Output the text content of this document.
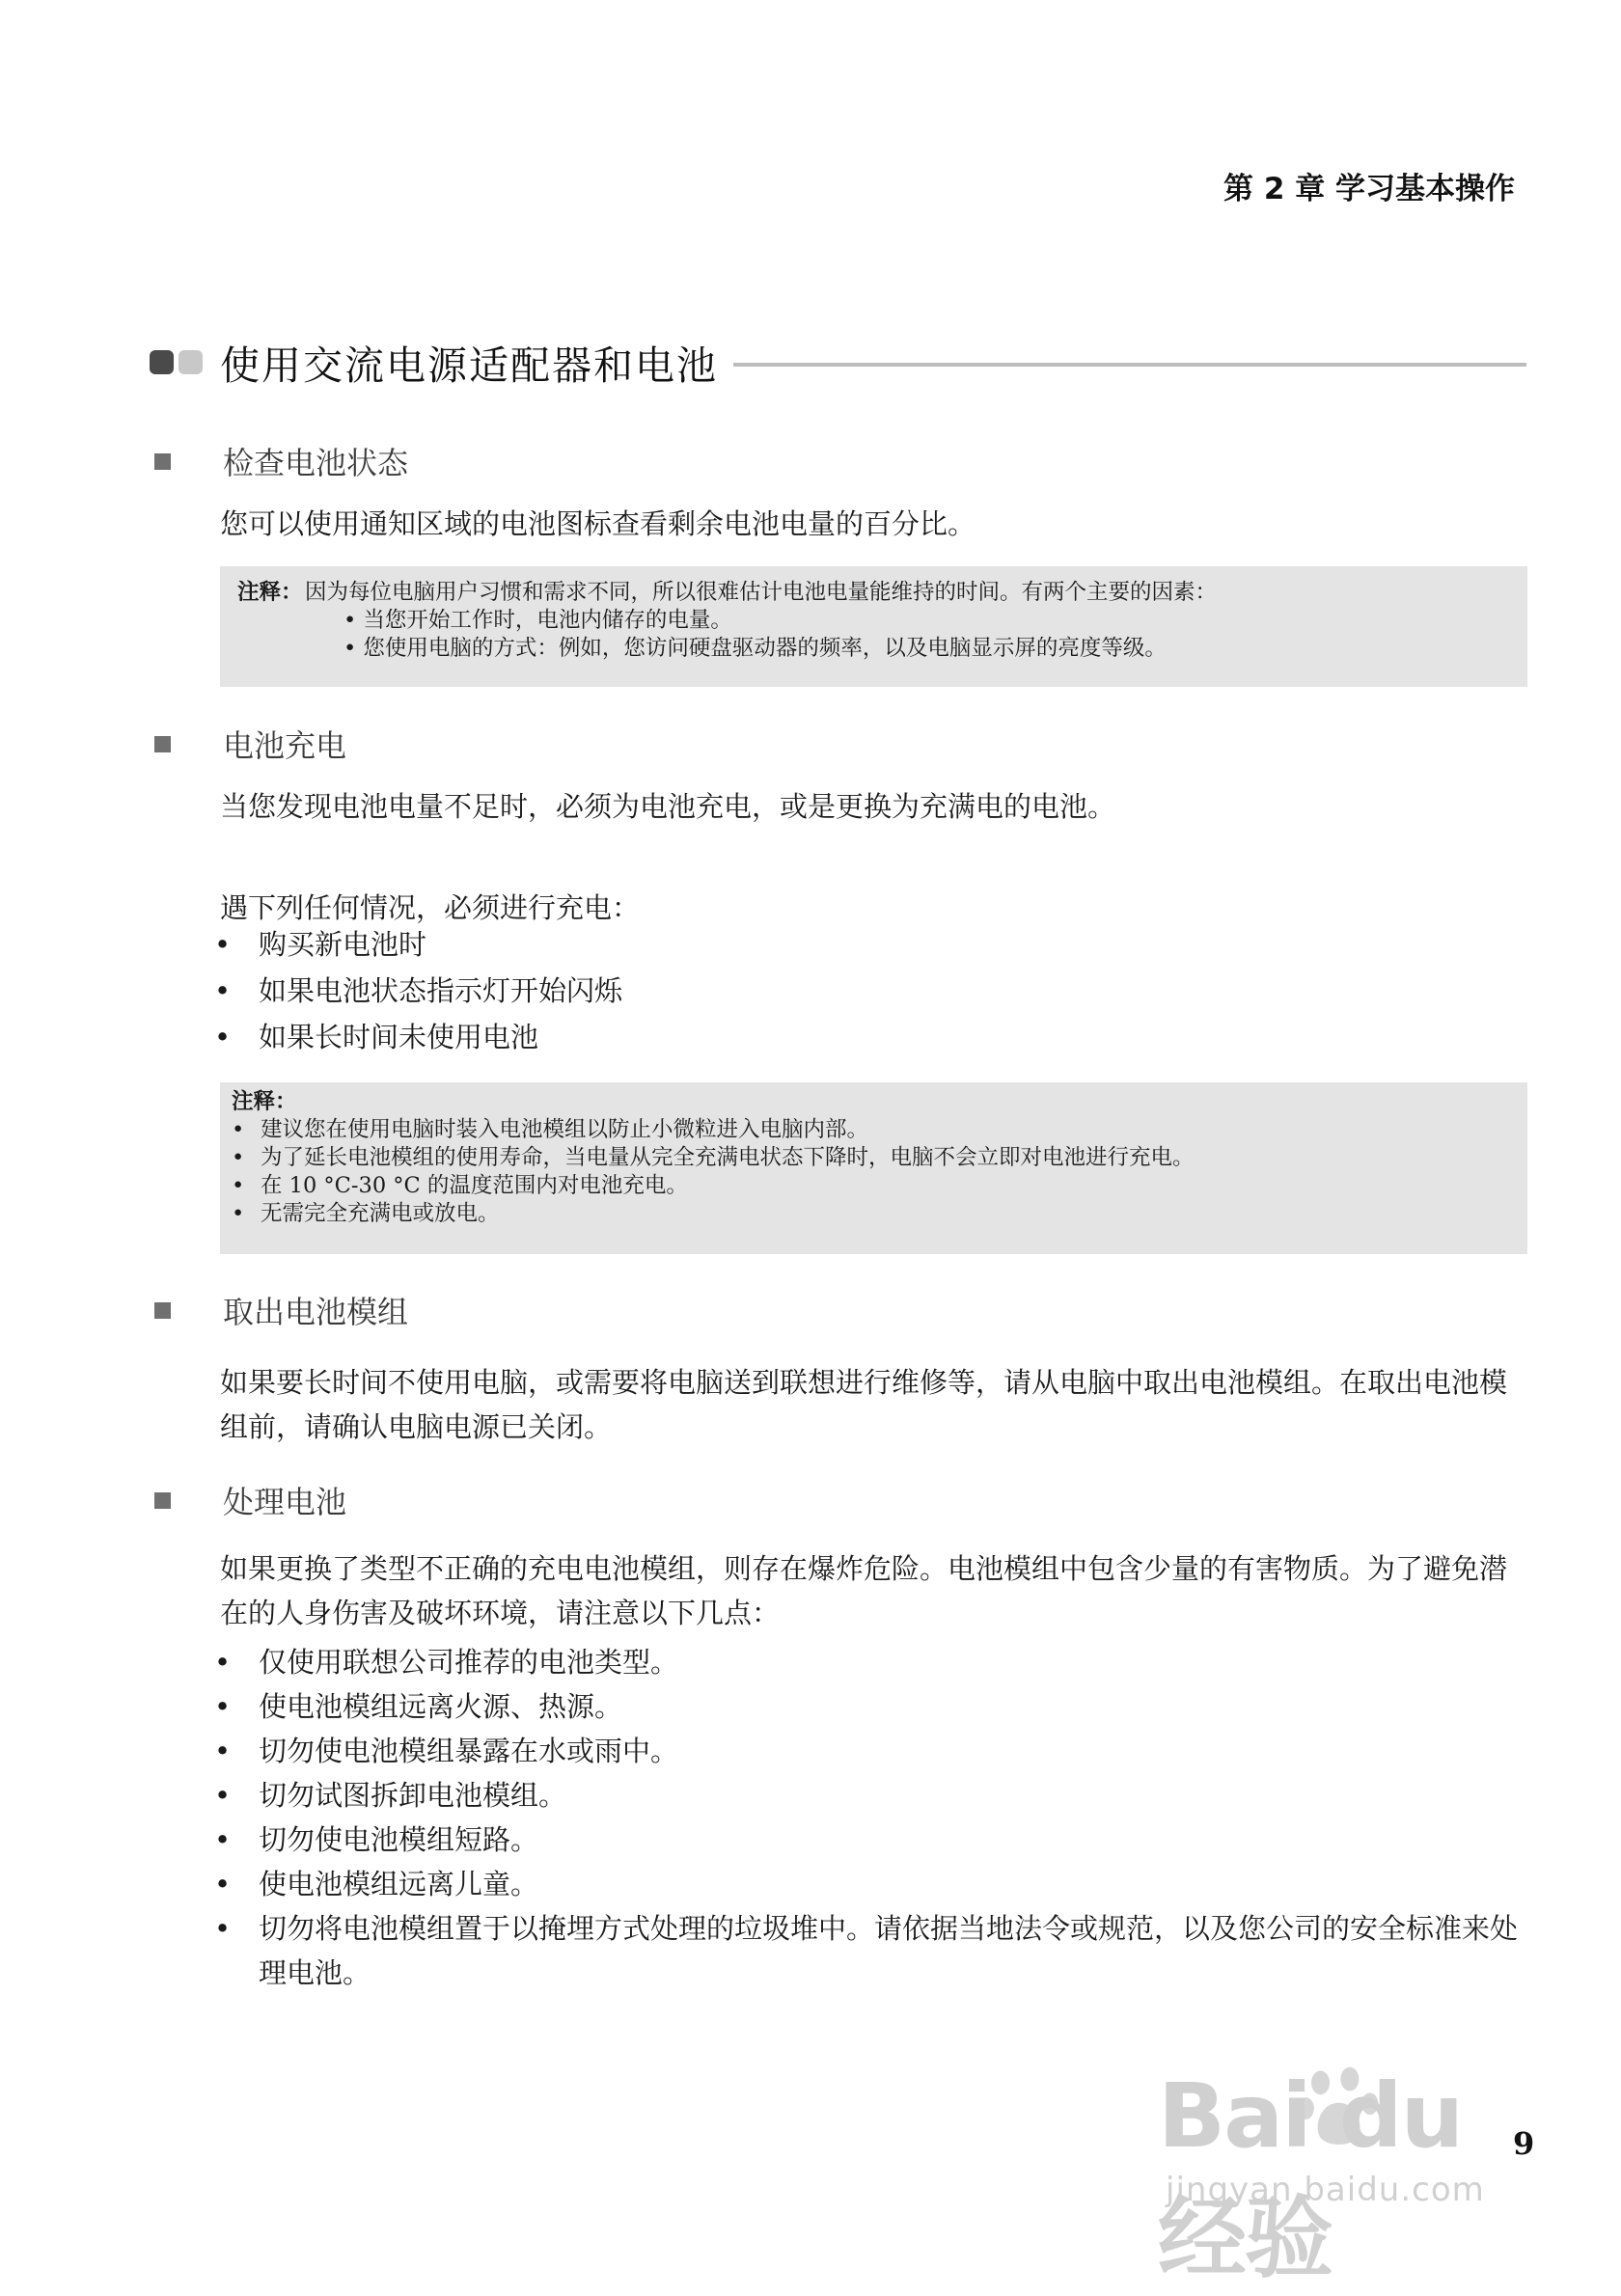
第 2 章 学习基本操作
使用交流电源适配器和电池
检查电池状态
您可以使用通知区域的电池图标查看剩余电池电量的百分比。
注释： 因为每位电脑用户习惯和需求不同，所以很难估计电池电量能维持的时间。有两个主要的因素：
• 当您开始工作时，电池内储存的电量。
• 您使用电脑的方式：例如，您访问硬盘驱动器的频率，以及电脑显示屏的亮度等级。
电池充电
当您发现电池电量不足时，必须为电池充电，或是更换为充满电的电池。
遇下列任何情况，必须进行充电：
• 购买新电池时
• 如果电池状态指示灯开始闪烁
• 如果长时间未使用电池
注释：
• 建议您在使用电脑时装入电池模组以防止小微粒进入电脑内部。
• 为了延长电池模组的使用寿命，当电量从完全充满电状态下降时，电脑不会立即对电池进行充电。
• 在 10 °C-30 °C 的温度范围内对电池充电。
• 无需完全充满电或放电。
取出电池模组
如果要长时间不使用电脑，或需要将电脑送到联想进行维修等，请从电脑中取出电池模组。在取出电池模组前，请确认电脑电源已关闭。
处理电池
如果更换了类型不正确的充电电池模组，则存在爆炸危险。电池模组中包含少量的有害物质。为了避免潜在的人身伤害及破坏环境，请注意以下几点：
• 仅使用联想公司推荐的电池类型。
• 使电池模组远离火源、热源。
• 切勿使电池模组暴露在水或雨中。
• 切勿试图拆卸电池模组。
• 切勿使电池模组短路。
• 使电池模组远离儿童。
• 切勿将电池模组置于以掩埋方式处理的垃圾堆中。请依据当地法令或规范，以及您公司的安全标准来处理电池。
Bai du 经验
jingyan.baidu.com
9
